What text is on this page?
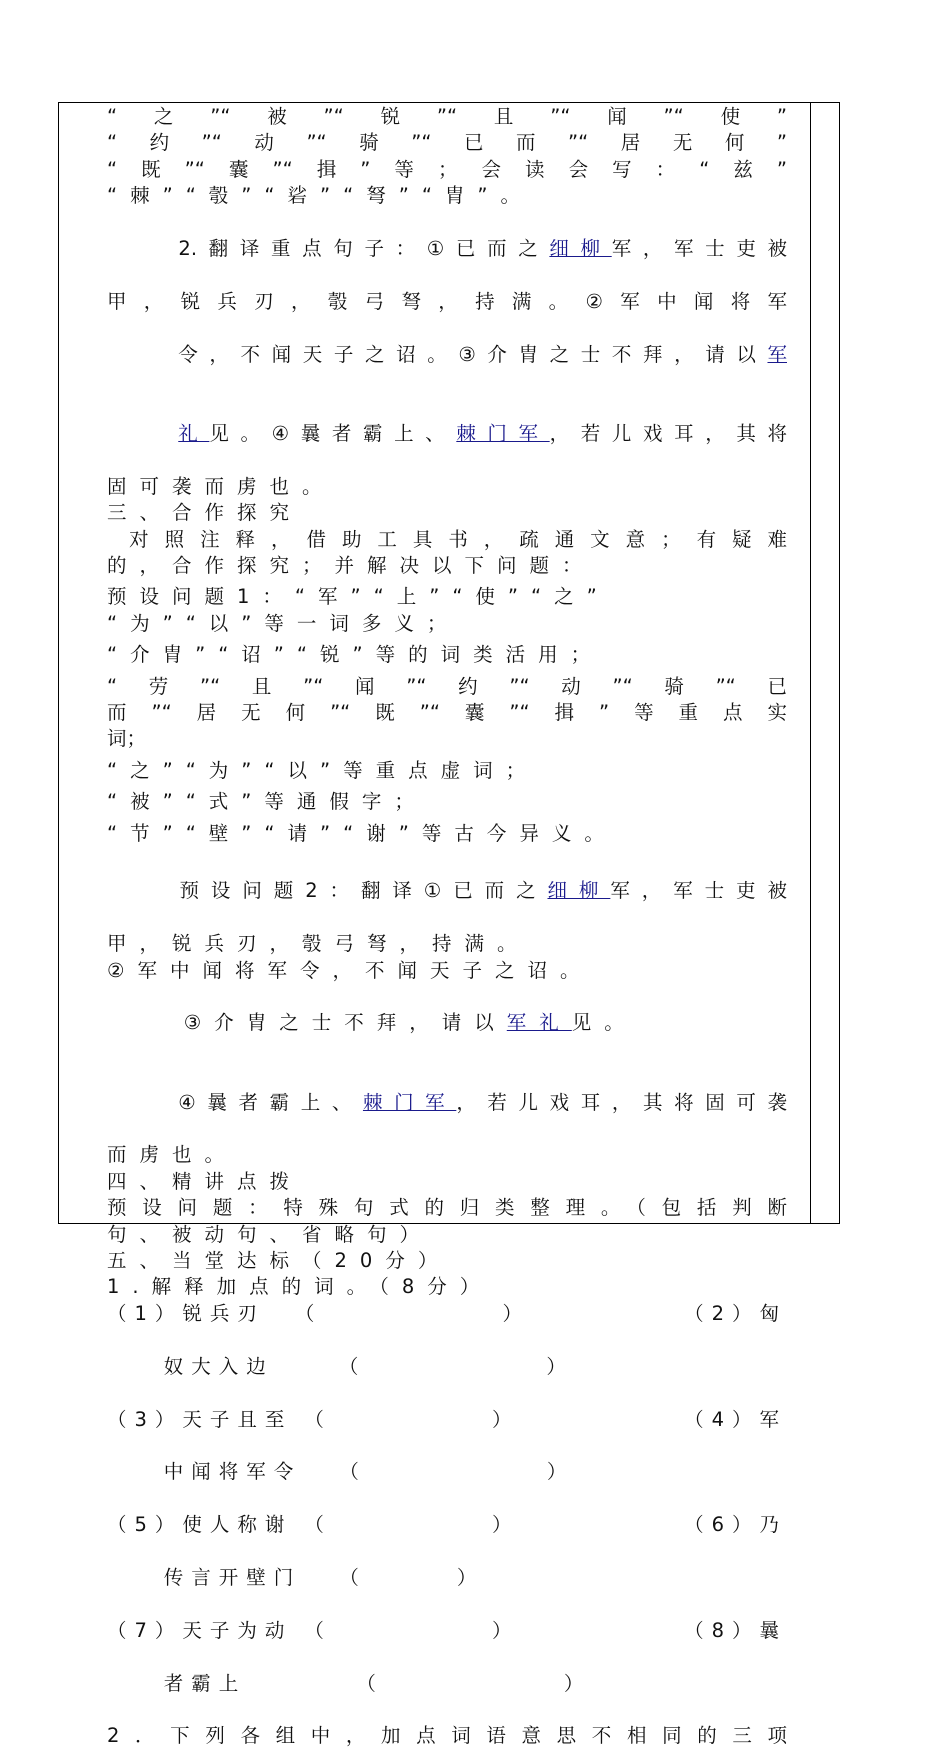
“之”“被”“锐”“且”“闻”“使”
“约”“动”“骑”“已而”“居无何”
“既”“囊”“揖”等；会读会写：“兹”
“棘”“彀”“硰”“弩”“胄”。

2.翻译重点句子：①已而之细柳军，军士吏被

甲，锐兵刃，彀弓弩，持满。②军中闻将军

令，不闻天子之诏。③介胄之士不拜，请以军

礼见。④曩者霸上、棘门军，若儿戏耳，其将

固可袭而虏也。
三、合作探究
对照注释，借助工具书，疏通文意；有疑难
的，合作探究；并解决以下问题：
预设问题1：“军”“上”“使”“之”
“为”“以”等一词多义；
“介胄”“诏”“锐”等的词类活用；
“劳”“且”“闻”“约”“动”“骑”“已
而”“居无何”“既”“囊”“揖”等重点实
词；
“之”“为”“以”等重点虚词；
“被”“式”等通假字；
“节”“壁”“请”“谢”等古今异义。

预设问题2：翻译①已而之细柳军，军士吏被

甲，锐兵刃，彀弓弩，持满。
②军中闻将军令，不闻天子之诏。

③介胄之士不拜，请以军礼见。

④曩者霸上、棘门军，若儿戏耳，其将固可袭

而虏也。
四、精讲点拨
预设问题：特殊句式的归类整理。（包括判断
句、被动句、省略句）
五、当堂达标（20分）
1.解释加点的词。（8分）
（1）锐兵刃 （	）	（2）匈

奴大入边	（	）

（3）天子且至 （	）	（4）军

中闻将军令 （	）

（5）使人称谢 （	）	（6）乃

传言开壁门 （	）

（7）天子为动 （	）	（8）曩

者霸上	（	）

2．下列各组中，加点词语意思不相同的三项
